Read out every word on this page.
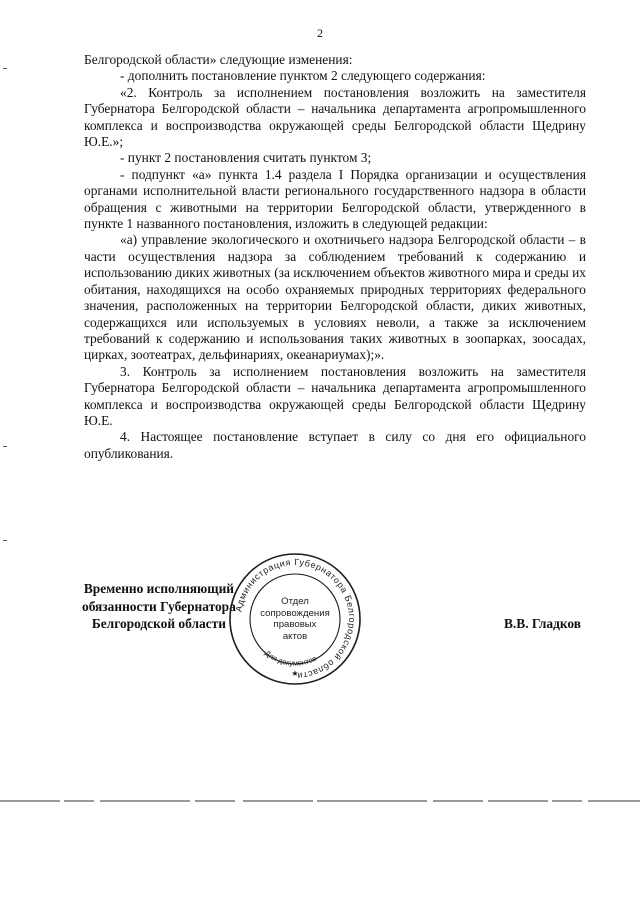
2

Белгородской области» следующие изменения:

- дополнить постановление пунктом 2 следующего содержания:

«2. Контроль за исполнением постановления возложить на заместителя Губернатора Белгородской области – начальника департамента агропромышленного комплекса и воспроизводства окружающей среды Белгородской области Щедрину Ю.Е.»;

- пункт 2 постановления считать пунктом 3;

- подпункт «а» пункта 1.4 раздела I Порядка организации и осуществления органами исполнительной власти регионального государственного надзора в области обращения с животными на территории Белгородской области, утвержденного в пункте 1 названного постановления, изложить в следующей редакции:

«а) управление экологического и охотничьего надзора Белгородской области – в части осуществления надзора за соблюдением требований к содержанию и использованию диких животных (за исключением объектов животного мира и среды их обитания, находящихся на особо охраняемых природных территориях федерального значения, расположенных на территории Белгородской области, диких животных, содержащихся или используемых в условиях неволи, а также за исключением требований к содержанию и использования таких животных в зоопарках, зоосадах, цирках, зоотеатрах, дельфинариях, океанариумах);».

3. Контроль за исполнением постановления возложить на заместителя Губернатора Белгородской области – начальника департамента агропромышленного комплекса и воспроизводства окружающей среды Белгородской области Щедрину Ю.Е.

4. Настоящее постановление вступает в силу со дня его официального опубликования.

Временно исполняющий
обязанности Губернатора
Белгородской области	В.В. Гладков
Администрация Губернатора Белгородской области
Для документов
★
Отдел
сопровождения
правовых
актов
